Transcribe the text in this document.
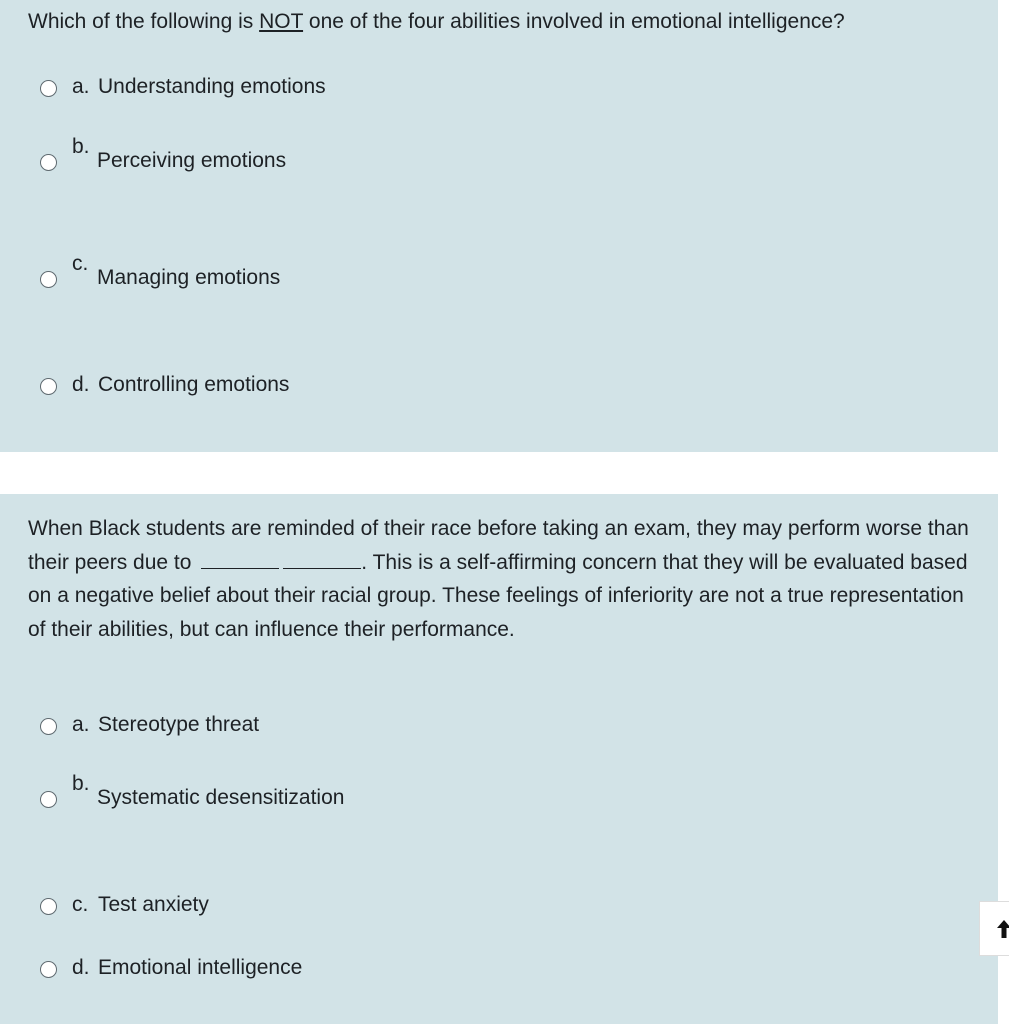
Which of the following is NOT one of the four abilities involved in emotional intelligence?

a. Understanding emotions
b.
Perceiving emotions
c.
Managing emotions
d. Controlling emotions

When Black students are reminded of their race before taking an exam, they may perform worse than their peers due to	. This is a self-affirming concern that they will be evaluated based on a negative belief about their racial group. These feelings of inferiority are not a true representation of their abilities, but can influence their performance.

a. Stereotype threat
b.
Systematic desensitization
c. Test anxiety
d. Emotional intelligence
